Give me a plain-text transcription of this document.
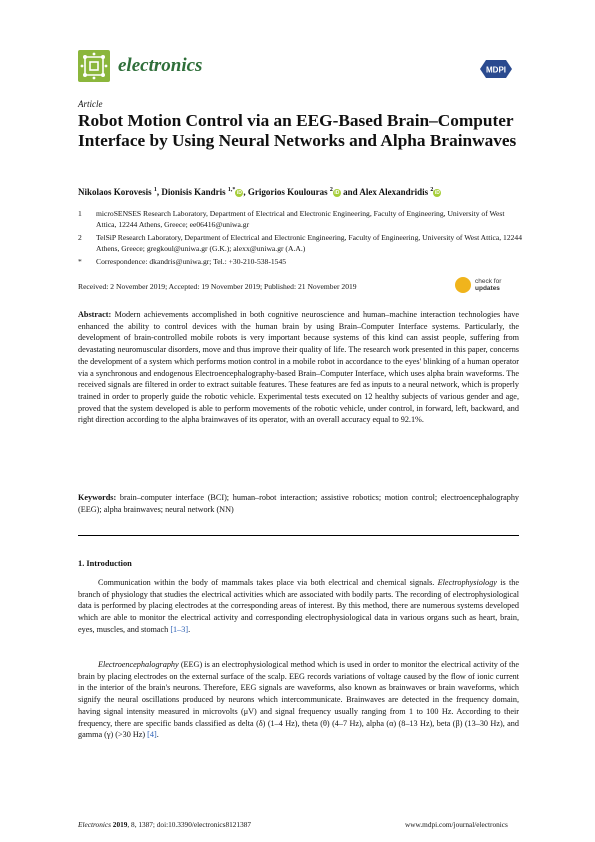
electronics	MDPI
Article
Robot Motion Control via an EEG-Based Brain–Computer Interface by Using Neural Networks and Alpha Brainwaves
Nikolaos Korovesis $^1$, Dionisis Kandris $^{1,*}$ iD , Grigorios Koulouras $^2$ iD and Alex Alexandridis $^2$ iD
1	microSENSES Research Laboratory, Department of Electrical and Electronic Engineering, Faculty of Engineering, University of West Attica, 12244 Athens, Greece; ee06416@uniwa.gr
2	TelSiP Research Laboratory, Department of Electrical and Electronic Engineering, Faculty of Engineering, University of West Attica, 12244 Athens, Greece; gregkoul@uniwa.gr (G.K.); alexx@uniwa.gr (A.A.)
*	Correspondence: dkandris@uniwa.gr; Tel.: +30-210-538-1545
Received: 2 November 2019; Accepted: 19 November 2019; Published: 21 November 2019
check for
updates
Abstract: Modern achievements accomplished in both cognitive neuroscience and human–machine interaction technologies have enhanced the ability to control devices with the human brain by using Brain–Computer Interface systems. Particularly, the development of brain-controlled mobile robots is very important because systems of this kind can assist people, suffering from devastating neuromuscular disorders, move and thus improve their quality of life. The research work presented in this paper, concerns the development of a system which performs motion control in a mobile robot in accordance to the eyes' blinking of a human operator via a synchronous and endogenous Electroencephalography-based Brain–Computer Interface, which uses alpha brain waveforms. The received signals are filtered in order to extract suitable features. These features are fed as inputs to a neural network, which is properly trained in order to properly guide the robotic vehicle. Experimental tests executed on 12 healthy subjects of various gender and age, proved that the system developed is able to perform movements of the robotic vehicle, under control, in forward, left, backward, and right direction according to the alpha brainwaves of its operator, with an overall accuracy equal to 92.1%.
Keywords: brain–computer interface (BCI); human–robot interaction; assistive robotics; motion control; electroencephalography (EEG); alpha brainwaves; neural network (NN)
1. Introduction

Communication within the body of mammals takes place via both electrical and chemical signals. Electrophysiology is the branch of physiology that studies the electrical activities which are associated with bodily parts. The recording of electrophysiological data is performed by placing electrodes at the corresponding areas of interest. By this method, there are numerous systems developed which are able to monitor the electrical activity and corresponding electrophysiological data in various organs such as heart, brain, eyes, muscles, and stomach [1–3].

Electroencephalography (EEG) is an electrophysiological method which is used in order to monitor the electrical activity of the brain by placing electrodes on the external surface of the scalp. EEG records variations of voltage caused by the flow of ionic current in the interior of the brain's neurons. Therefore, EEG signals are waveforms, also known as brainwaves or brain waveforms, which signify the neural oscillations produced by neurons which intercommunicate. Brainwaves are detected in the frequency domain, having signal intensity measured in microvolts (μV) and signal frequency usually ranging from 1 to 100 Hz. According to their frequency, there are specific bands classified as delta (δ) (1–4 Hz), theta (θ) (4–7 Hz), alpha (α) (8–13 Hz), beta (β) (13–30 Hz), and gamma (γ) (>30 Hz) [4].

Electronics 2019, 8, 1387; doi:10.3390/electronics8121387	www.mdpi.com/journal/electronics
